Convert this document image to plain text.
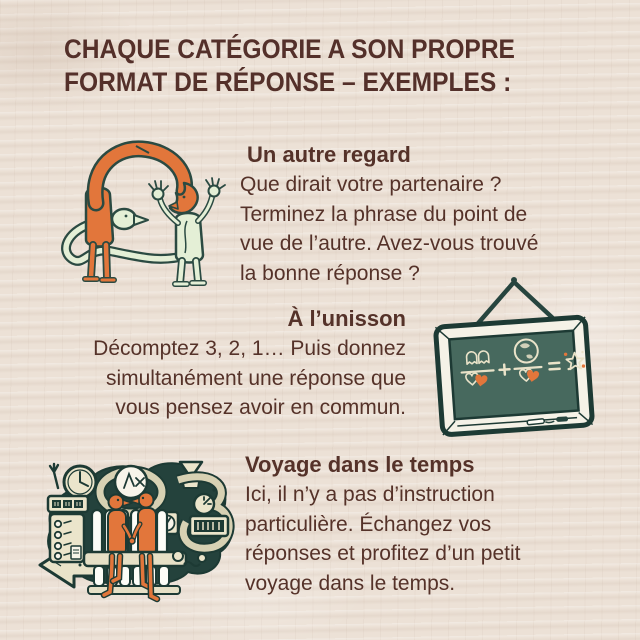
CHAQUE CATÉGORIE A SON PROPRE
FORMAT DE RÉPONSE – EXEMPLES :
Un autre regard
Que dirait votre partenaire ?
Terminez la phrase du point de
vue de l’autre. Avez-vous trouvé
la bonne réponse ?
À l’unisson
Décomptez 3, 2, 1… Puis donnez
simultanément une réponse que
vous pensez avoir en commun.
Voyage dans le temps
Ici, il n’y a pas d’instruction
particulière. Échangez vos
réponses et profitez d’un petit
voyage dans le temps.
